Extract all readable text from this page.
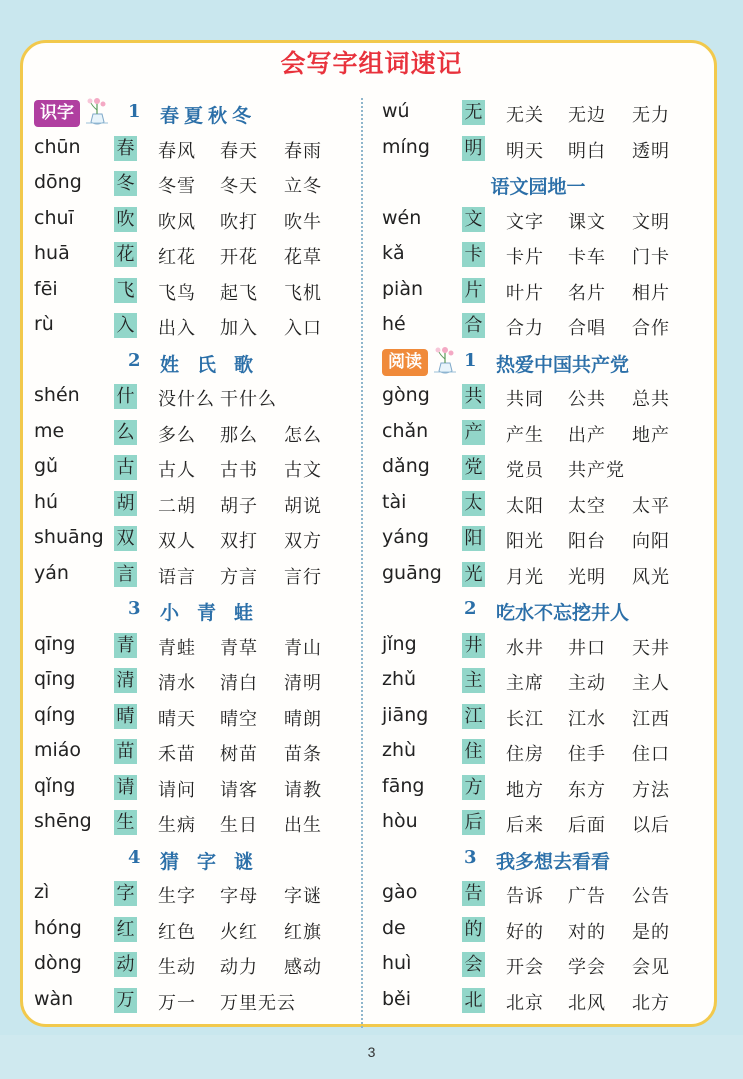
会写字组词速记
识字	1 春夏秋冬
chūn 春 春风 春天 春雨
dōng 冬 冬雪 冬天 立冬
chuī 吹 吹风 吹打 吹牛
huā	花 红花 开花 花草
fēi	飞 飞鸟 起飞 飞机
rù	入 出入 加入 入口
2 姓氏歌
shén 什 没什么 干什么
me	么 多么 那么 怎么
gǔ	古 古人 古书 古文
hú	胡 二胡 胡子 胡说
shuāng 双 双人 双打 双方
yán	言 语言 方言 言行
3 小青蛙
qīng 青 青蛙 青草 青山
qīng 清 清水 清白 清明
qíng 晴 晴天 晴空 晴朗
miáo 苗 禾苗 树苗 苗条
qǐng 请 请问 请客 请教
shēng 生 生病 生日 出生
4 猜字谜
zì	字 生字 字母 字谜
hóng 红 红色 火红 红旗
dòng 动 生动 动力 感动
wàn 万 万一 万里无云
wú	无 无关 无边 无力
míng 明 明天 明白 透明
语文园地一
wén 文 文字 课文 文明
kǎ	卡 卡片 卡车 门卡
piàn 片 叶片 名片 相片
hé	合 合力 合唱 合作
阅读	1 热爱中国共产党
gòng 共 共同 公共 总共
chǎn 产 产生 出产 地产
dǎng 党 党员 共产党
tài	太 太阳 太空 太平
yáng 阳 阳光 阳台 向阳
guāng 光 月光 光明 风光
2 吃水不忘挖井人
jǐng	井 水井 井口 天井
zhǔ	主 主席 主动 主人
jiāng 江 长江 江水 江西
zhù	住 住房 住手 住口
fāng 方 地方 东方 方法
hòu	后 后来 后面 以后
3 我多想去看看
gào	告 告诉 广告 公告
de	的 好的 对的 是的
huì	会 开会 学会 会见
běi	北 北京 北风 北方
3
